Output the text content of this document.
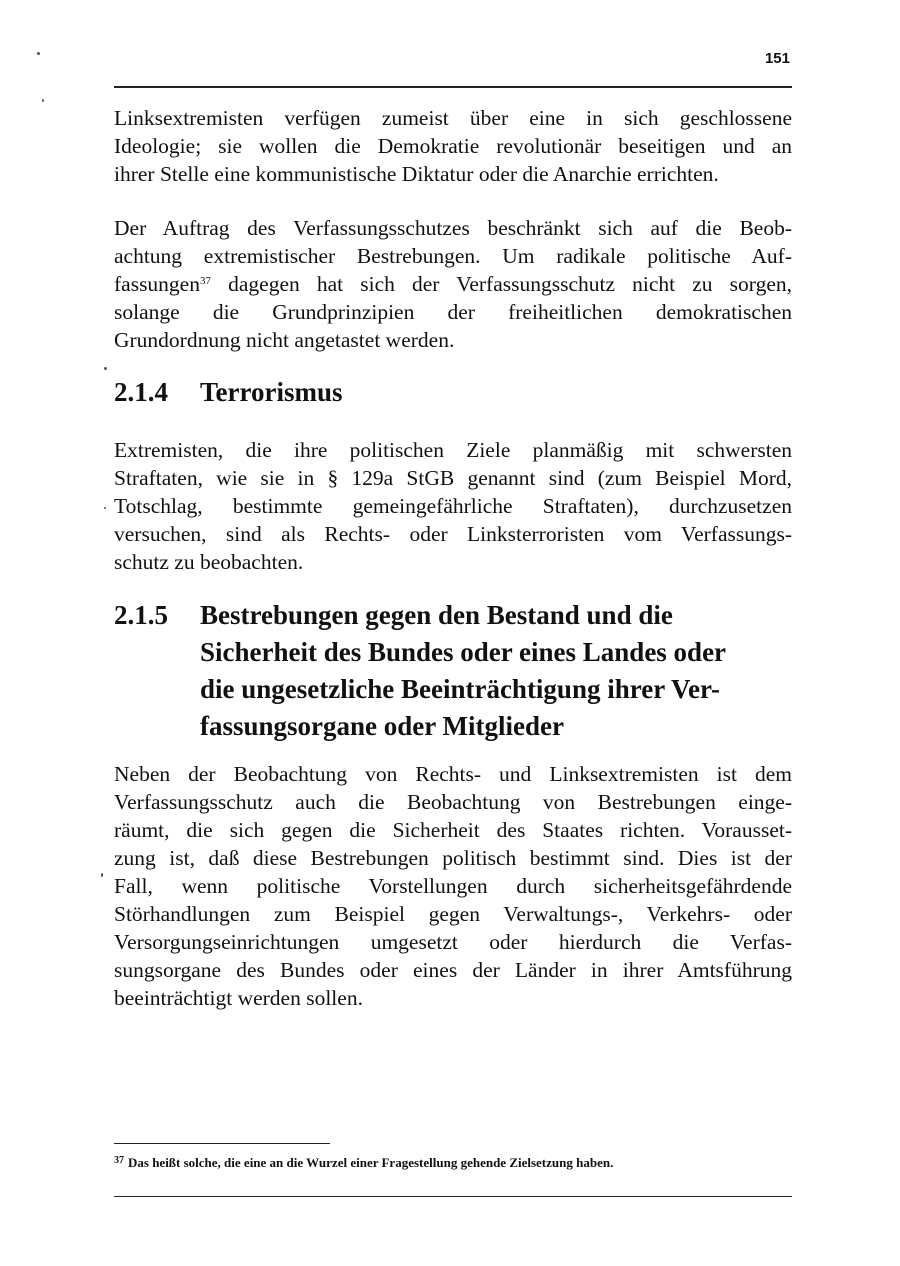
151

Linksextremisten verfügen zumeist über eine in sich geschlossene
Ideologie; sie wollen die Demokratie revolutionär beseitigen und an
ihrer Stelle eine kommunistische Diktatur oder die Anarchie errichten.

Der Auftrag des Verfassungsschutzes beschränkt sich auf die Beob-
achtung extremistischer Bestrebungen. Um radikale politische Auf-
fassungen$^{37}$ dagegen hat sich der Verfassungsschutz nicht zu sorgen,
solange die Grundprinzipien der freiheitlichen demokratischen
Grundordnung nicht angetastet werden.

2.1.4 Terrorismus

Extremisten, die ihre politischen Ziele planmäßig mit schwersten
Straftaten, wie sie in § 129a StGB genannt sind (zum Beispiel Mord,
Totschlag, bestimmte gemeingefährliche Straftaten), durchzusetzen
versuchen, sind als Rechts- oder Linksterroristen vom Verfassungs-
schutz zu beobachten.

2.1.5 Bestrebungen gegen den Bestand und die
Sicherheit des Bundes oder eines Landes oder
die ungesetzliche Beeinträchtigung ihrer Ver-
fassungsorgane oder Mitglieder

Neben der Beobachtung von Rechts- und Linksextremisten ist dem
Verfassungsschutz auch die Beobachtung von Bestrebungen einge-
räumt, die sich gegen die Sicherheit des Staates richten. Vorausset-
zung ist, daß diese Bestrebungen politisch bestimmt sind. Dies ist der
Fall, wenn politische Vorstellungen durch sicherheitsgefährdende
Störhandlungen zum Beispiel gegen Verwaltungs-, Verkehrs- oder
Versorgungseinrichtungen umgesetzt oder hierdurch die Verfas-
sungsorgane des Bundes oder eines der Länder in ihrer Amtsführung
beeinträchtigt werden sollen.

$^{37}$ Das heißt solche, die eine an die Wurzel einer Fragestellung gehende Zielsetzung haben.
